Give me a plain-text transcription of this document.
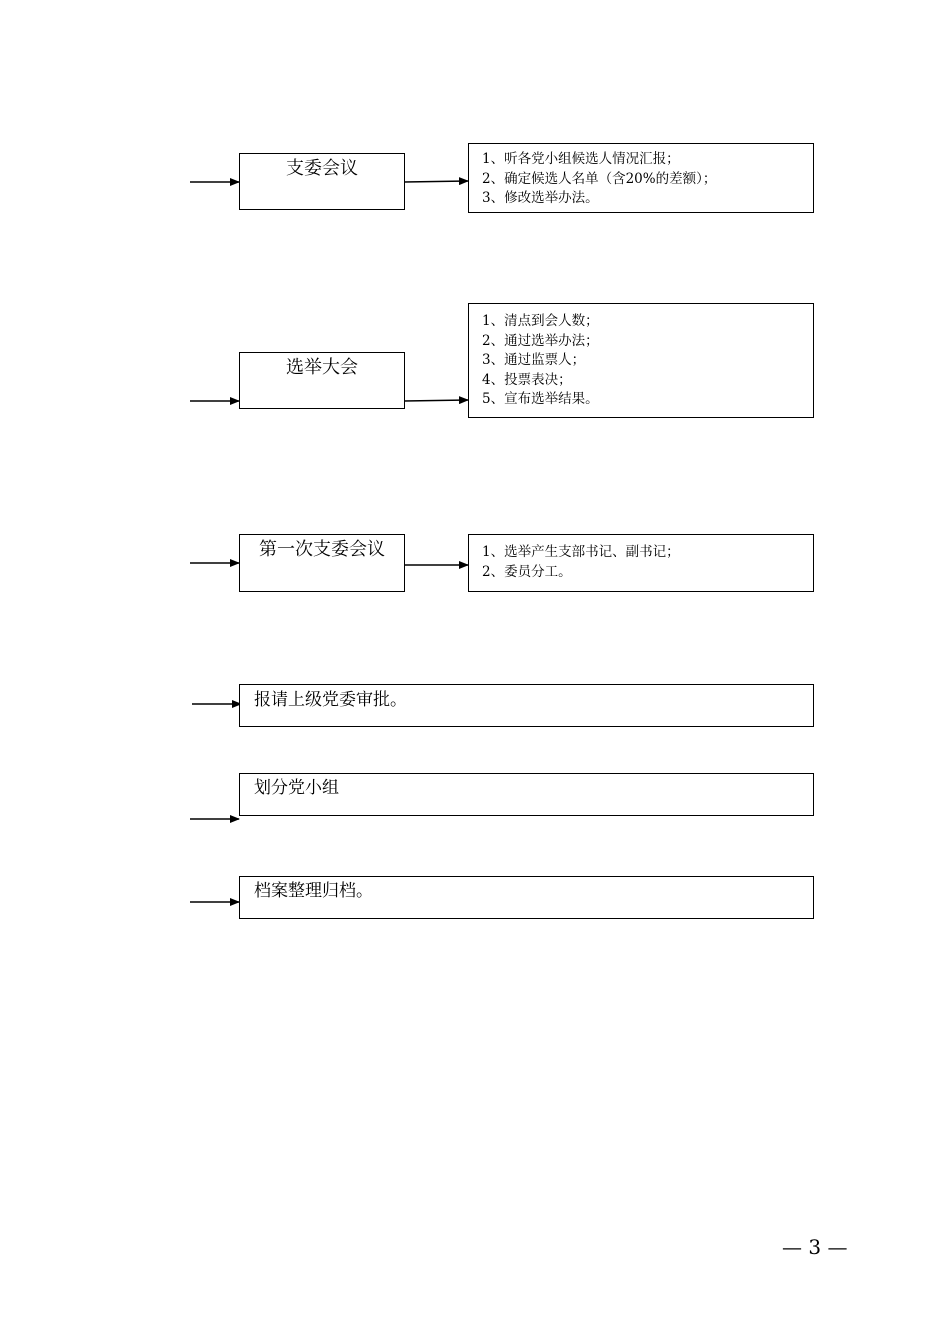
支委会议	1、听各党小组候选人情况汇报；
2、确定候选人名单（含20%的差额）；
3、修改选举办法。
选举大会
1、清点到会人数；
2、通过选举办法；
3、通过监票人；
4、投票表决；
5、宣布选举结果。
第一次支委会议	1、选举产生支部书记、副书记；
2、委员分工。
报请上级党委审批。
划分党小组
档案整理归档。
— 3 —
